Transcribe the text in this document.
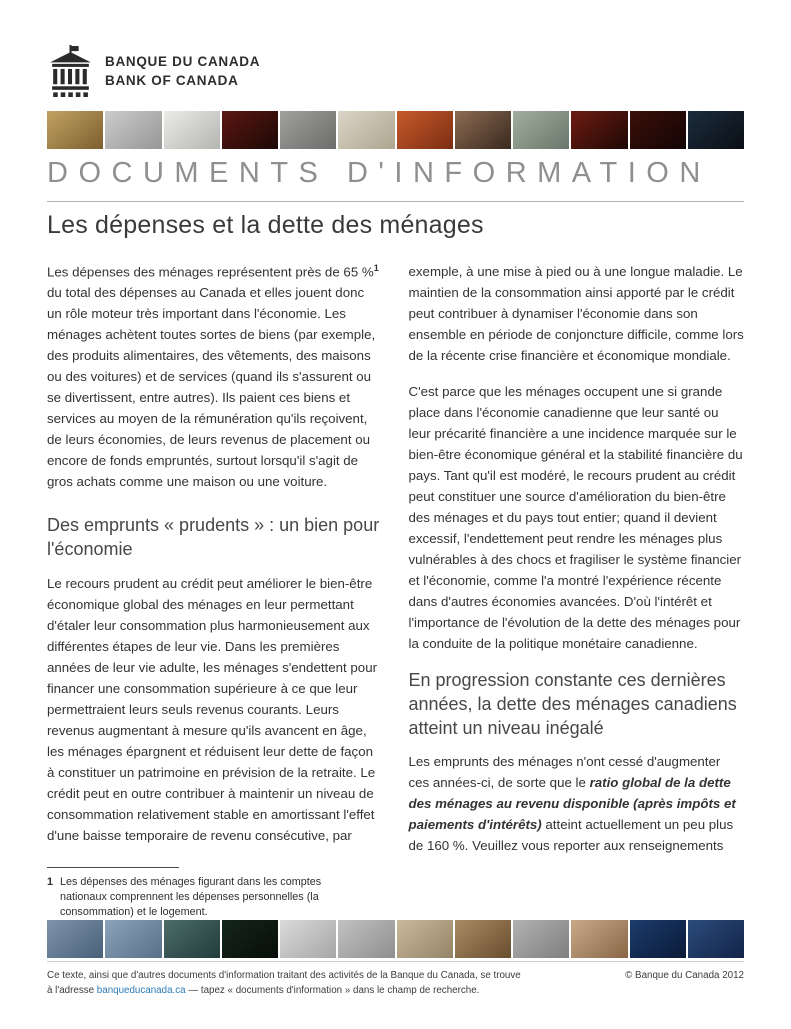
BANQUE DU CANADA
BANK OF CANADA
DOCUMENTS D'INFORMATION
Les dépenses et la dette des ménages

Les dépenses des ménages représentent près de 65 %$^1$ du total des dépenses au Canada et elles jouent donc un rôle moteur très important dans l'économie. Les ménages achètent toutes sortes de biens (par exemple, des produits alimentaires, des vêtements, des maisons ou des voitures) et de services (quand ils s'assurent ou se divertissent, entre autres). Ils paient ces biens et services au moyen de la rémunération qu'ils reçoivent, de leurs économies, de leurs revenus de placement ou encore de fonds empruntés, surtout lorsqu'il s'agit de gros achats comme une maison ou une voiture.

Des emprunts « prudents » : un bien pour l'économie

Le recours prudent au crédit peut améliorer le bien-être économique global des ménages en leur permettant d'étaler leur consommation plus harmonieusement aux différentes étapes de leur vie. Dans les premières années de leur vie adulte, les ménages s'endettent pour financer une consommation supérieure à ce que leur permettraient leurs seuls revenus courants. Leurs revenus augmentant à mesure qu'ils avancent en âge, les ménages épargnent et réduisent leur dette de façon à constituer un patrimoine en prévision de la retraite. Le crédit peut en outre contribuer à maintenir un niveau de consommation relativement stable en amortissant l'effet d'une baisse temporaire de revenu consécutive, par

1 Les dépenses des ménages figurant dans les comptes nationaux comprennent les dépenses personnelles (la consommation) et le logement.

exemple, à une mise à pied ou à une longue maladie. Le maintien de la consommation ainsi apporté par le crédit peut contribuer à dynamiser l'économie dans son ensemble en période de conjoncture difficile, comme lors de la récente crise financière et économique mondiale.

C'est parce que les ménages occupent une si grande place dans l'économie canadienne que leur santé ou leur précarité financière a une incidence marquée sur le bien-être économique général et la stabilité financière du pays. Tant qu'il est modéré, le recours prudent au crédit peut constituer une source d'amélioration du bien-être des ménages et du pays tout entier; quand il devient excessif, l'endettement peut rendre les ménages plus vulnérables à des chocs et fragiliser le système financier et l'économie, comme l'a montré l'expérience récente dans d'autres économies avancées. D'où l'intérêt et l'importance de l'évolution de la dette des ménages pour la conduite de la politique monétaire canadienne.

En progression constante ces dernières années, la dette des ménages canadiens atteint un niveau inégalé

Les emprunts des ménages n'ont cessé d'augmenter ces années-ci, de sorte que le ratio global de la dette des ménages au revenu disponible (après impôts et paiements d'intérêts) atteint actuellement un peu plus de 160 %. Veuillez vous reporter aux renseignements

Ce texte, ainsi que d'autres documents d'information traitant des activités de la Banque du Canada, se trouve
à l'adresse banqueducanada.ca — tapez « documents d'information » dans le champ de recherche.
© Banque du Canada 2012
